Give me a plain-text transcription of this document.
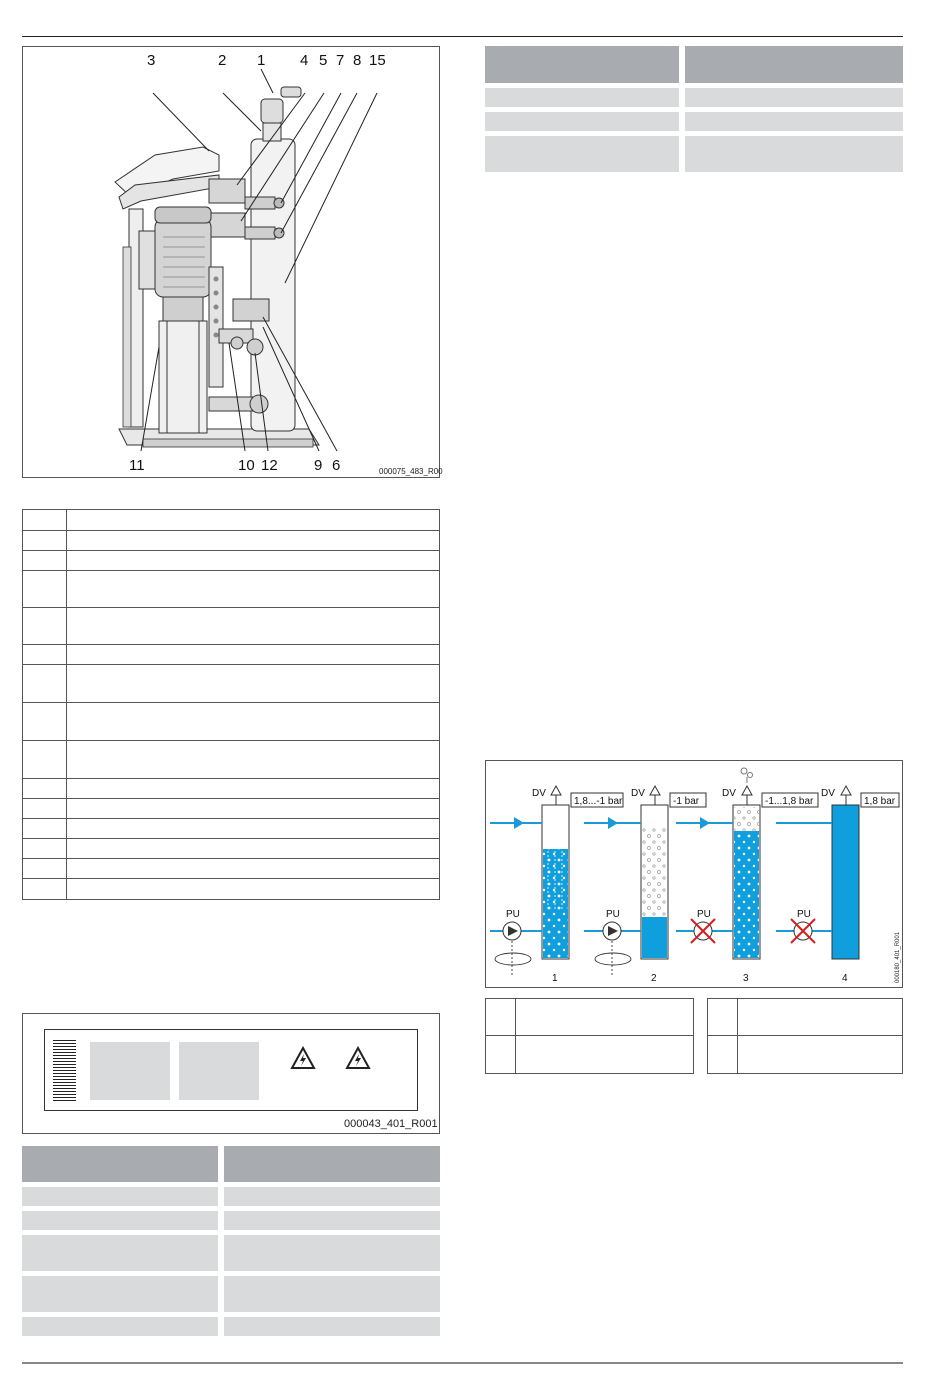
1
2
3	4 5 7 8 15
11	10 12 9 6	000075_483_R00
000043_401_R001
DV	DV	DV	DV
1,8...-1 bar	-1 bar	-1...1,8 bar	1,8 bar
PU	PU	PU	PU
1	2	3	4	000180_401_R001
